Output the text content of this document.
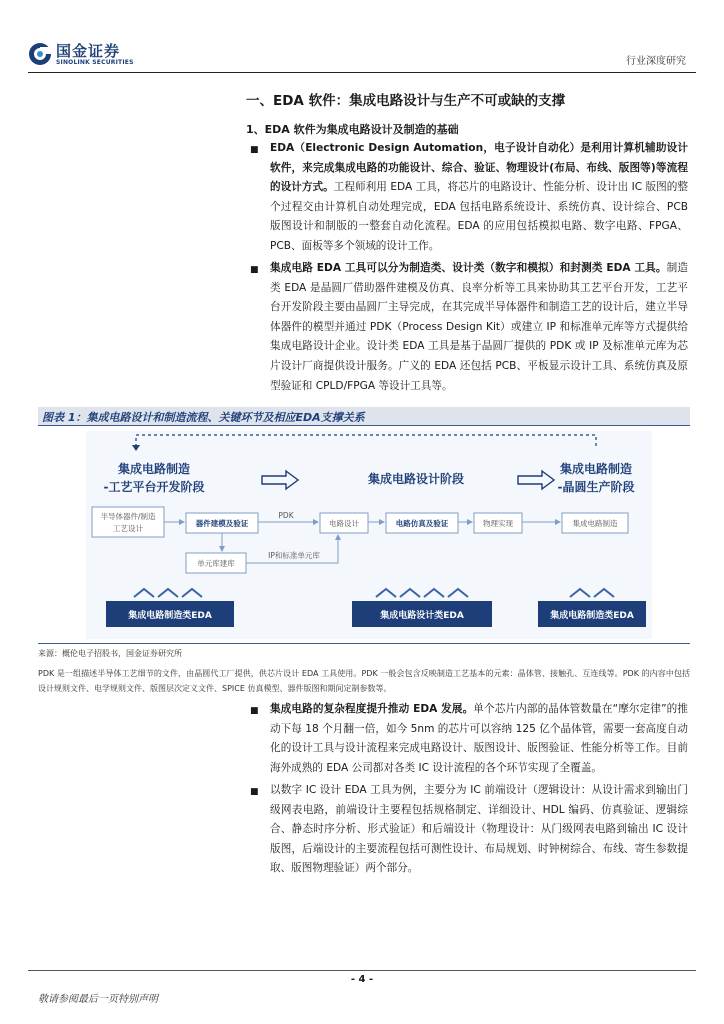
国金证券
SINOLINK SECURITIES	行业深度研究
一、EDA 软件：集成电路设计与生产不可或缺的支撑
1、EDA 软件为集成电路设计及制造的基础
■ EDA（Electronic Design Automation，电子设计自动化）是利用计算机辅助设计软件，来完成集成电路的功能设计、综合、验证、物理设计(布局、布线、版图等)等流程的设计方式。工程师利用 EDA 工具，将芯片的电路设计、性能分析、设计出 IC 版图的整个过程交由计算机自动处理完成，EDA 包括电路系统设计、系统仿真、设计综合、PCB 版图设计和制版的一整套自动化流程。EDA 的应用包括模拟电路、数字电路、FPGA、PCB、面板等多个领域的设计工作。
■ 集成电路 EDA 工具可以分为制造类、设计类（数字和模拟）和封测类 EDA 工具。制造类 EDA 是晶圆厂借助器件建模及仿真、良率分析等工具来协助其工艺平台开发，工艺平台开发阶段主要由晶圆厂主导完成，在其完成半导体器件和制造工艺的设计后，建立半导体器件的模型并通过 PDK（Process Design Kit）或建立 IP 和标准单元库等方式提供给集成电路设计企业。设计类 EDA 工具是基于晶圆厂提供的 PDK 或 IP 及标准单元库为芯片设计厂商提供设计服务。广义的 EDA 还包括 PCB、平板显示设计工具、系统仿真及原型验证和 CPLD/FPGA 等设计工具等。
图表 1：集成电路设计和制造流程、关键环节及相应EDA支撑关系
集成电路制造
-工艺平台开发阶段
集成电路设计阶段
集成电路制造
-晶圆生产阶段
半导体器件/制造
工艺设计
器件建模及验证
PDK
电路设计	电路仿真及验证	物理实现	集成电路制造
单元库建库
IP和标准单元库
集成电路制造类EDA	集成电路设计类EDA	集成电路制造类EDA
来源：概伦电子招股书，国金证券研究所
PDK 是一组描述半导体工艺细节的文件，由晶圆代工厂提供，供芯片设计 EDA 工具使用。PDK 一般会包含反映制造工艺基本的元素：晶体管、接触孔、互连线等。PDK 的内容中包括设计规则文件、电学规则文件、版图层次定义文件、SPICE 仿真模型、器件版图和期间定制参数等。
■ 集成电路的复杂程度提升推动 EDA 发展。单个芯片内部的晶体管数量在“摩尔定律”的推动下每 18 个月翻一倍，如今 5nm 的芯片可以容纳 125 亿个晶体管，需要一套高度自动化的设计工具与设计流程来完成电路设计、版图设计、版图验证、性能分析等工作。目前海外成熟的 EDA 公司都对各类 IC 设计流程的各个环节实现了全覆盖。
■ 以数字 IC 设计 EDA 工具为例，主要分为 IC 前端设计（逻辑设计：从设计需求到输出门级网表电路，前端设计主要程包括规格制定、详细设计、HDL 编码、仿真验证、逻辑综合、静态时序分析、形式验证）和后端设计（物理设计：从门级网表电路到输出 IC 设计版图，后端设计的主要流程包括可测性设计、布局规划、时钟树综合、布线、寄生参数提取、版图物理验证）两个部分。
- 4 -
敬请参阅最后一页特别声明
